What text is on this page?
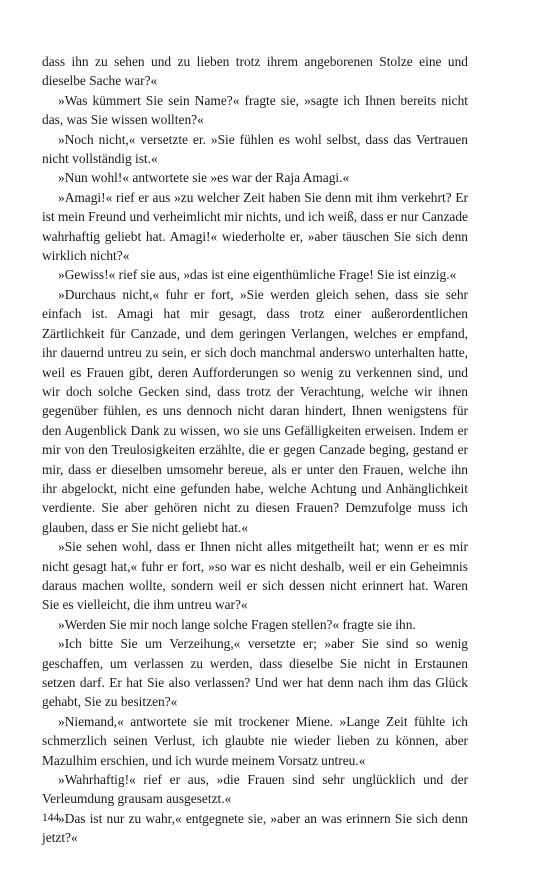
dass ihn zu sehen und zu lieben trotz ihrem angeborenen Stolze eine und dieselbe Sache war?«

»Was kümmert Sie sein Name?« fragte sie, »sagte ich Ihnen bereits nicht das, was Sie wissen wollten?«

»Noch nicht,« versetzte er. »Sie fühlen es wohl selbst, dass das Vertrauen nicht vollständig ist.«

»Nun wohl!« antwortete sie »es war der Raja Amagi.«

»Amagi!« rief er aus »zu welcher Zeit haben Sie denn mit ihm verkehrt? Er ist mein Freund und verheimlicht mir nichts, und ich weiß, dass er nur Canzade wahrhaftig geliebt hat. Amagi!« wiederholte er, »aber täuschen Sie sich denn wirklich nicht?«

»Gewiss!« rief sie aus, »das ist eine eigenthümliche Frage! Sie ist einzig.«

»Durchaus nicht,« fuhr er fort, »Sie werden gleich sehen, dass sie sehr einfach ist. Amagi hat mir gesagt, dass trotz einer außerordentlichen Zärtlichkeit für Canzade, und dem geringen Verlangen, welches er empfand, ihr dauernd untreu zu sein, er sich doch manchmal anderswo unterhalten hatte, weil es Frauen gibt, deren Aufforderungen so wenig zu verkennen sind, und wir doch solche Gecken sind, dass trotz der Verachtung, welche wir ihnen gegenüber fühlen, es uns dennoch nicht daran hindert, Ihnen wenigstens für den Augenblick Dank zu wissen, wo sie uns Gefälligkeiten erweisen. Indem er mir von den Treulosigkeiten erzählte, die er gegen Canzade beging, gestand er mir, dass er dieselben umsomehr bereue, als er unter den Frauen, welche ihn ihr abgelockt, nicht eine gefunden habe, welche Achtung und Anhänglichkeit verdiente. Sie aber gehören nicht zu diesen Frauen? Demzufolge muss ich glauben, dass er Sie nicht geliebt hat.«

»Sie sehen wohl, dass er Ihnen nicht alles mitgetheilt hat; wenn er es mir nicht gesagt hat,« fuhr er fort, »so war es nicht deshalb, weil er ein Geheimnis daraus machen wollte, sondern weil er sich dessen nicht erinnert hat. Waren Sie es vielleicht, die ihm untreu war?«

»Werden Sie mir noch lange solche Fragen stellen?« fragte sie ihn.

»Ich bitte Sie um Verzeihung,« versetzte er; »aber Sie sind so wenig geschaffen, um verlassen zu werden, dass dieselbe Sie nicht in Erstaunen setzen darf. Er hat Sie also verlassen? Und wer hat denn nach ihm das Glück gehabt, Sie zu besitzen?«

»Niemand,« antwortete sie mit trockener Miene. »Lange Zeit fühlte ich schmerzlich seinen Verlust, ich glaubte nie wieder lieben zu können, aber Mazulhim erschien, und ich wurde meinem Vorsatz untreu.«

»Wahrhaftig!« rief er aus, »die Frauen sind sehr unglücklich und der Verleumdung grausam ausgesetzt.«

»Das ist nur zu wahr,« entgegnete sie, »aber an was erinnern Sie sich denn jetzt?«

144
